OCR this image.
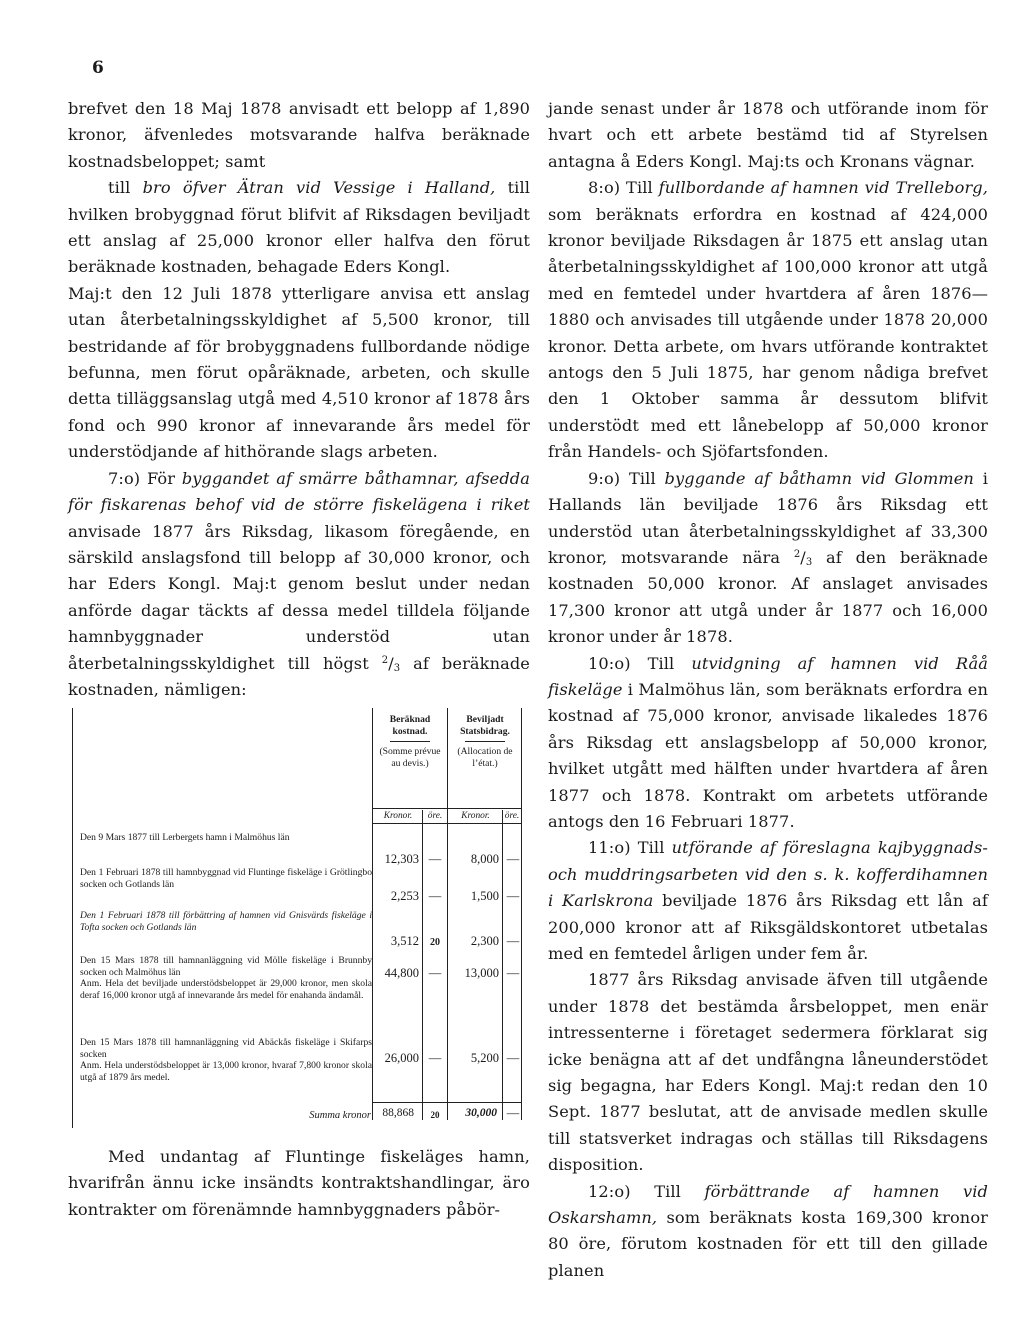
6

brefvet den 18 Maj 1878 anvisadt ett belopp af 1,890 kronor, äfvenledes motsvarande halfva beräknade kostnadsbeloppet; samt

till bro öfver Ätran vid Vessige i Halland, till hvilken brobyggnad förut blifvit af Riksdagen beviljadt ett anslag af 25,000 kronor eller halfva den förut beräknade kostnaden, behagade Eders Kongl.

Maj:t den 12 Juli 1878 ytterligare anvisa ett anslag utan återbetalningsskyldighet af 5,500 kronor, till bestridande af för brobyggnadens fullbordande nödige befunna, men förut opåräknade, arbeten, och skulle detta tilläggsanslag utgå med 4,510 kronor af 1878 års fond och 990 kronor af innevarande års medel för understödjande af hithörande slags arbeten.

7:o) För byggandet af smärre båthamnar, afsedda för fiskarenas behof vid de större fiskelägena i riket anvisade 1877 års Riksdag, likasom föregående, en särskild anslagsfond till belopp af 30,000 kronor, och har Eders Kongl. Maj:t genom beslut under nedan anförde dagar täckts af dessa medel tilldela följande hamnbyggnader understöd utan återbetalningsskyldighet till högst $^2/_3$ af beräknade kostnaden, nämligen:

Beräknad kostnad.
(Somme prévue au devis.)
Beviljadt Statsbidrag.
(Allocation de l’état.)
Kronor.	öre.	Kronor.	öre.
Den 9 Mars 1877 till Lerbergets hamn i Malmöhus län
12,303 —	8,000 —
Den 1 Februari 1878 till hamnbyggnad vid Fluntinge fiskeläge i Grötlingbo socken och Gotlands län
2,253 —	1,500 —
Den 1 Februari 1878 till förbättring af hamnen vid Gnisvärds fiskeläge i Tofta socken och Gotlands län
3,512	20	2,300 —
Den 15 Mars 1878 till hamnanläggning vid Mölle fiskeläge i Brunnby socken och Malmöhus län
Anm. Hela det beviljade understödsbeloppet är 29,000 kronor, men skola deraf 16,000 kronor utgå af innevarande års medel för enahanda ändamål.
44,800 —	13,000 —
Den 15 Mars 1878 till hamnanläggning vid Abäckås fiskeläge i Skifarps socken
Anm. Hela understödsbeloppet är 13,000 kronor, hvaraf 7,800 kronor skola utgå af 1879 års medel.
26,000 —	5,200 —
Summa kronor 88,868	20	30,000 —

Med undantag af Fluntinge fiskeläges hamn, hvarifrån ännu icke insändts kontraktshandlingar, äro kontrakter om förenämnde hamnbyggnaders påbör-

jande senast under år 1878 och utförande inom för hvart och ett arbete bestämd tid af Styrelsen antagna å Eders Kongl. Maj:ts och Kronans vägnar.

8:o) Till fullbordande af hamnen vid Trelleborg, som beräknats erfordra en kostnad af 424,000 kronor beviljade Riksdagen år 1875 ett anslag utan återbetalningsskyldighet af 100,000 kronor att utgå med en femtedel under hvartdera af åren 1876—1880 och anvisades till utgående under 1878 20,000 kronor. Detta arbete, om hvars utförande kontraktet antogs den 5 Juli 1875, har genom nådiga brefvet den 1 Oktober samma år dessutom blifvit understödt med ett lånebelopp af 50,000 kronor från Handels- och Sjöfartsfonden.

9:o) Till byggande af båthamn vid Glommen i Hallands län beviljade 1876 års Riksdag ett understöd utan återbetalningsskyldighet af 33,300 kronor, motsvarande nära $^2/_3$ af den beräknade kostnaden 50,000 kronor. Af anslaget anvisades 17,300 kronor att utgå under år 1877 och 16,000 kronor under år 1878.

10:o) Till utvidgning af hamnen vid Råå fiskeläge i Malmöhus län, som beräknats erfordra en kostnad af 75,000 kronor, anvisade likaledes 1876 års Riksdag ett anslagsbelopp af 50,000 kronor, hvilket utgått med hälften under hvartdera af åren 1877 och 1878. Kontrakt om arbetets utförande antogs den 16 Februari 1877.

11:o) Till utförande af föreslagna kajbyggnads- och muddringsarbeten vid den s. k. kofferdihamnen i Karlskrona beviljade 1876 års Riksdag ett lån af 200,000 kronor att af Riksgäldskontoret utbetalas med en femtedel årligen under fem år.

1877 års Riksdag anvisade äfven till utgående under 1878 det bestämda årsbeloppet, men enär intressenterne i företaget sedermera förklarat sig icke benägna att af det undfångna låneunderstödet sig begagna, har Eders Kongl. Maj:t redan den 10 Sept. 1877 beslutat, att de anvisade medlen skulle till statsverket indragas och ställas till Riksdagens disposition.

12:o) Till förbättrande af hamnen vid Oskarshamn, som beräknats kosta 169,300 kronor 80 öre, förutom kostnaden för ett till den gillade planen
